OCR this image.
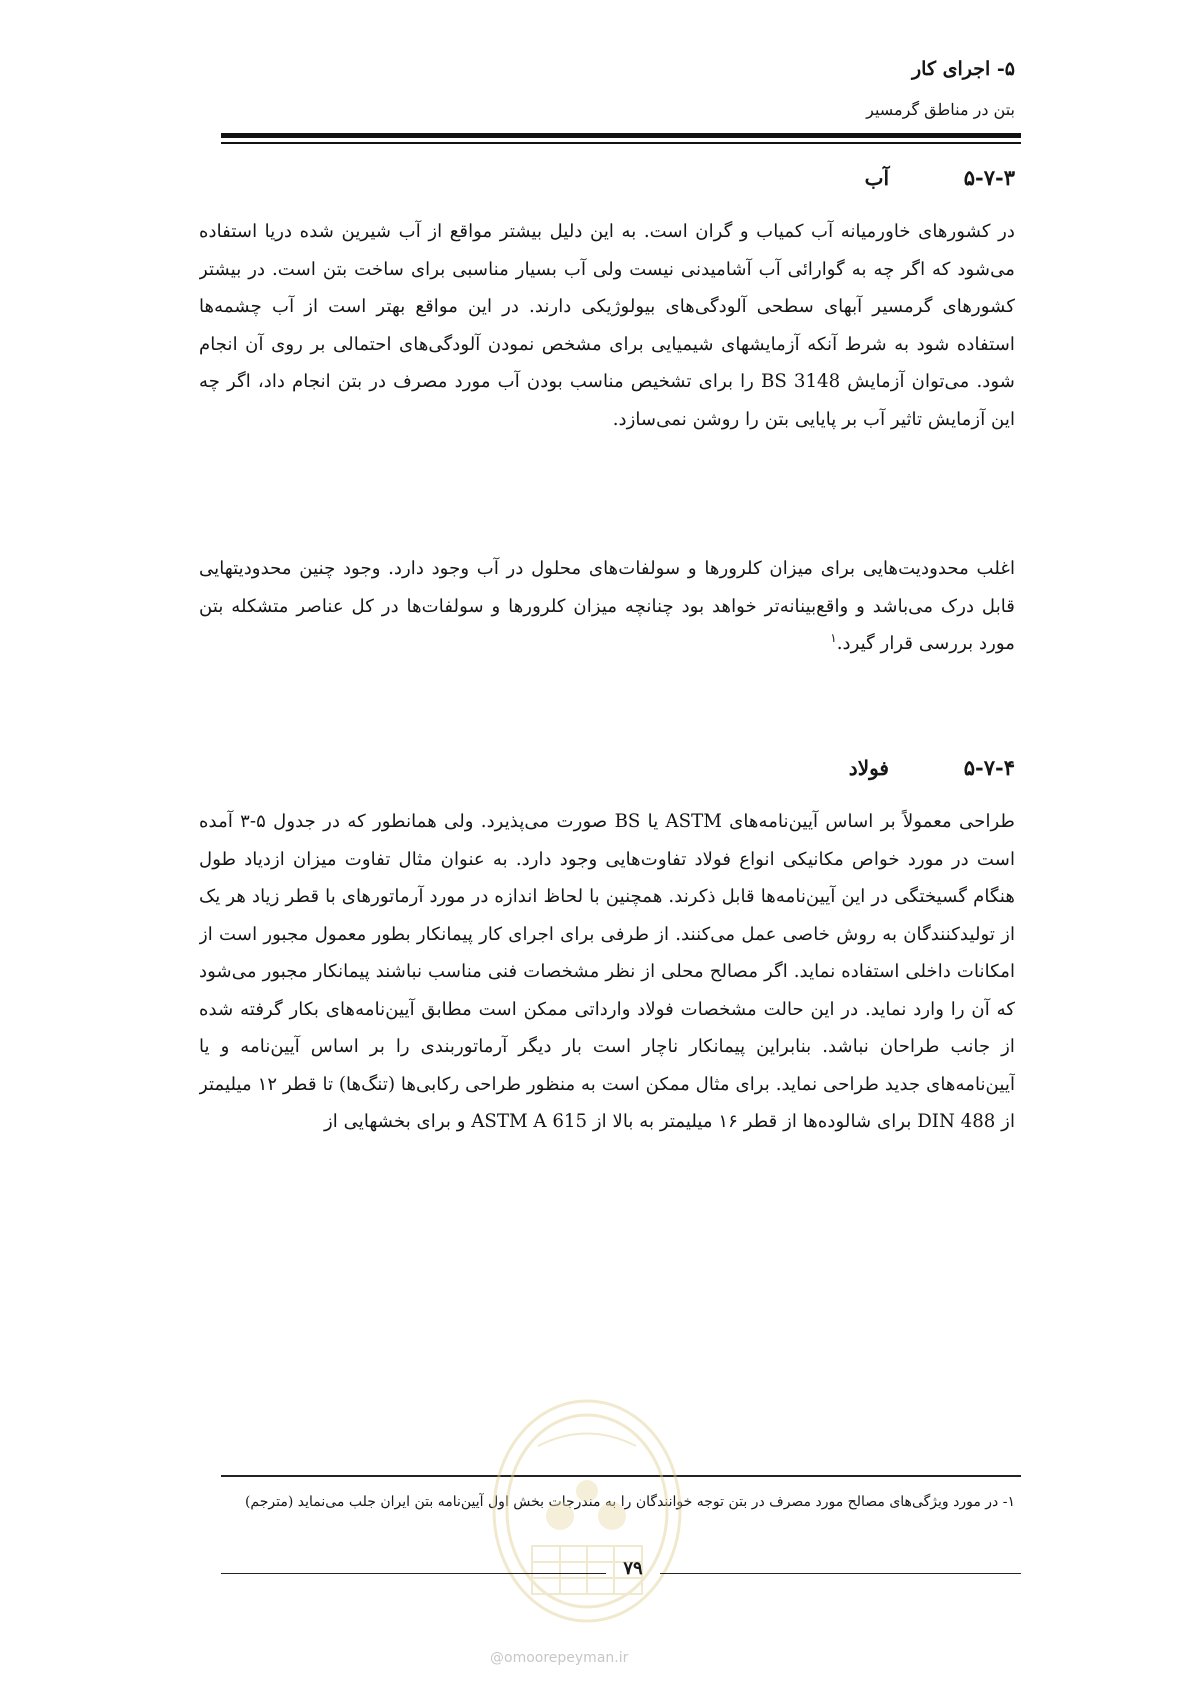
۵- اجرای کار
بتن در مناطق گرمسیر
۵-۷-۳
آب
در کشورهای خاورمیانه آب کمیاب و گران است. به این دلیل بیشتر مواقع از آب شیرین شده دریا استفاده می‌شود که اگر چه به گوارائی آب آشامیدنی نیست ولی آب بسیار مناسبی برای ساخت بتن است. در بیشتر کشورهای گرمسیر آبهای سطحی آلودگی‌های بیولوژیکی دارند. در این مواقع بهتر است از آب چشمه‌ها استفاده شود به شرط آنکه آزمایشهای شیمیایی برای مشخص نمودن آلودگی‌های احتمالی بر روی آن انجام شود. می‌توان آزمایش BS 3148 را برای تشخیص مناسب بودن آب مورد مصرف در بتن انجام داد، اگر چه این آزمایش تاثیر آب بر پایایی بتن را روشن نمی‌سازد.
اغلب محدودیت‌هایی برای میزان کلرورها و سولفات‌های محلول در آب وجود دارد. وجود چنین محدودیتهایی قابل درک می‌باشد و واقع‌بینانه‌تر خواهد بود چنانچه میزان کلرورها و سولفات‌ها در کل عناصر متشکله بتن مورد بررسی قرار گیرد.$^۱$
۵-۷-۴
فولاد
طراحی معمولاً بر اساس آیین‌نامه‌های ASTM یا BS صورت می‌پذیرد. ولی همانطور که در جدول ۵-۳ آمده است در مورد خواص مکانیکی انواع فولاد تفاوت‌هایی وجود دارد. به عنوان مثال تفاوت میزان ازدیاد طول هنگام گسیختگی در این آیین‌نامه‌ها قابل ذکرند. همچنین با لحاظ اندازه در مورد آرماتورهای با قطر زیاد هر یک از تولیدکنندگان به روش خاصی عمل می‌کنند. از طرفی برای اجرای کار پیمانکار بطور معمول مجبور است از امکانات داخلی استفاده نماید. اگر مصالح محلی از نظر مشخصات فنی مناسب نباشند پیمانکار مجبور می‌شود که آن را وارد نماید. در این حالت مشخصات فولاد وارداتی ممکن است مطابق آیین‌نامه‌های بکار گرفته شده از جانب طراحان نباشد. بنابراین پیمانکار ناچار است بار دیگر آرماتوربندی را بر اساس آیین‌نامه و یا آیین‌نامه‌های جدید طراحی نماید. برای مثال ممکن است به منظور طراحی رکابی‌ها (تنگ‌ها) تا قطر ۱۲ میلیمتر از DIN 488 برای شالوده‌ها از قطر ۱۶ میلیمتر به بالا از ASTM A 615 و برای بخشهایی از
۱- در مورد ویژگی‌های مصالح مورد مصرف در بتن توجه خوانندگان را به مندرجات بخش اول آیین‌نامه بتن ایران جلب می‌نماید (مترجم)
۷۹
@omoorepeyman.ir
